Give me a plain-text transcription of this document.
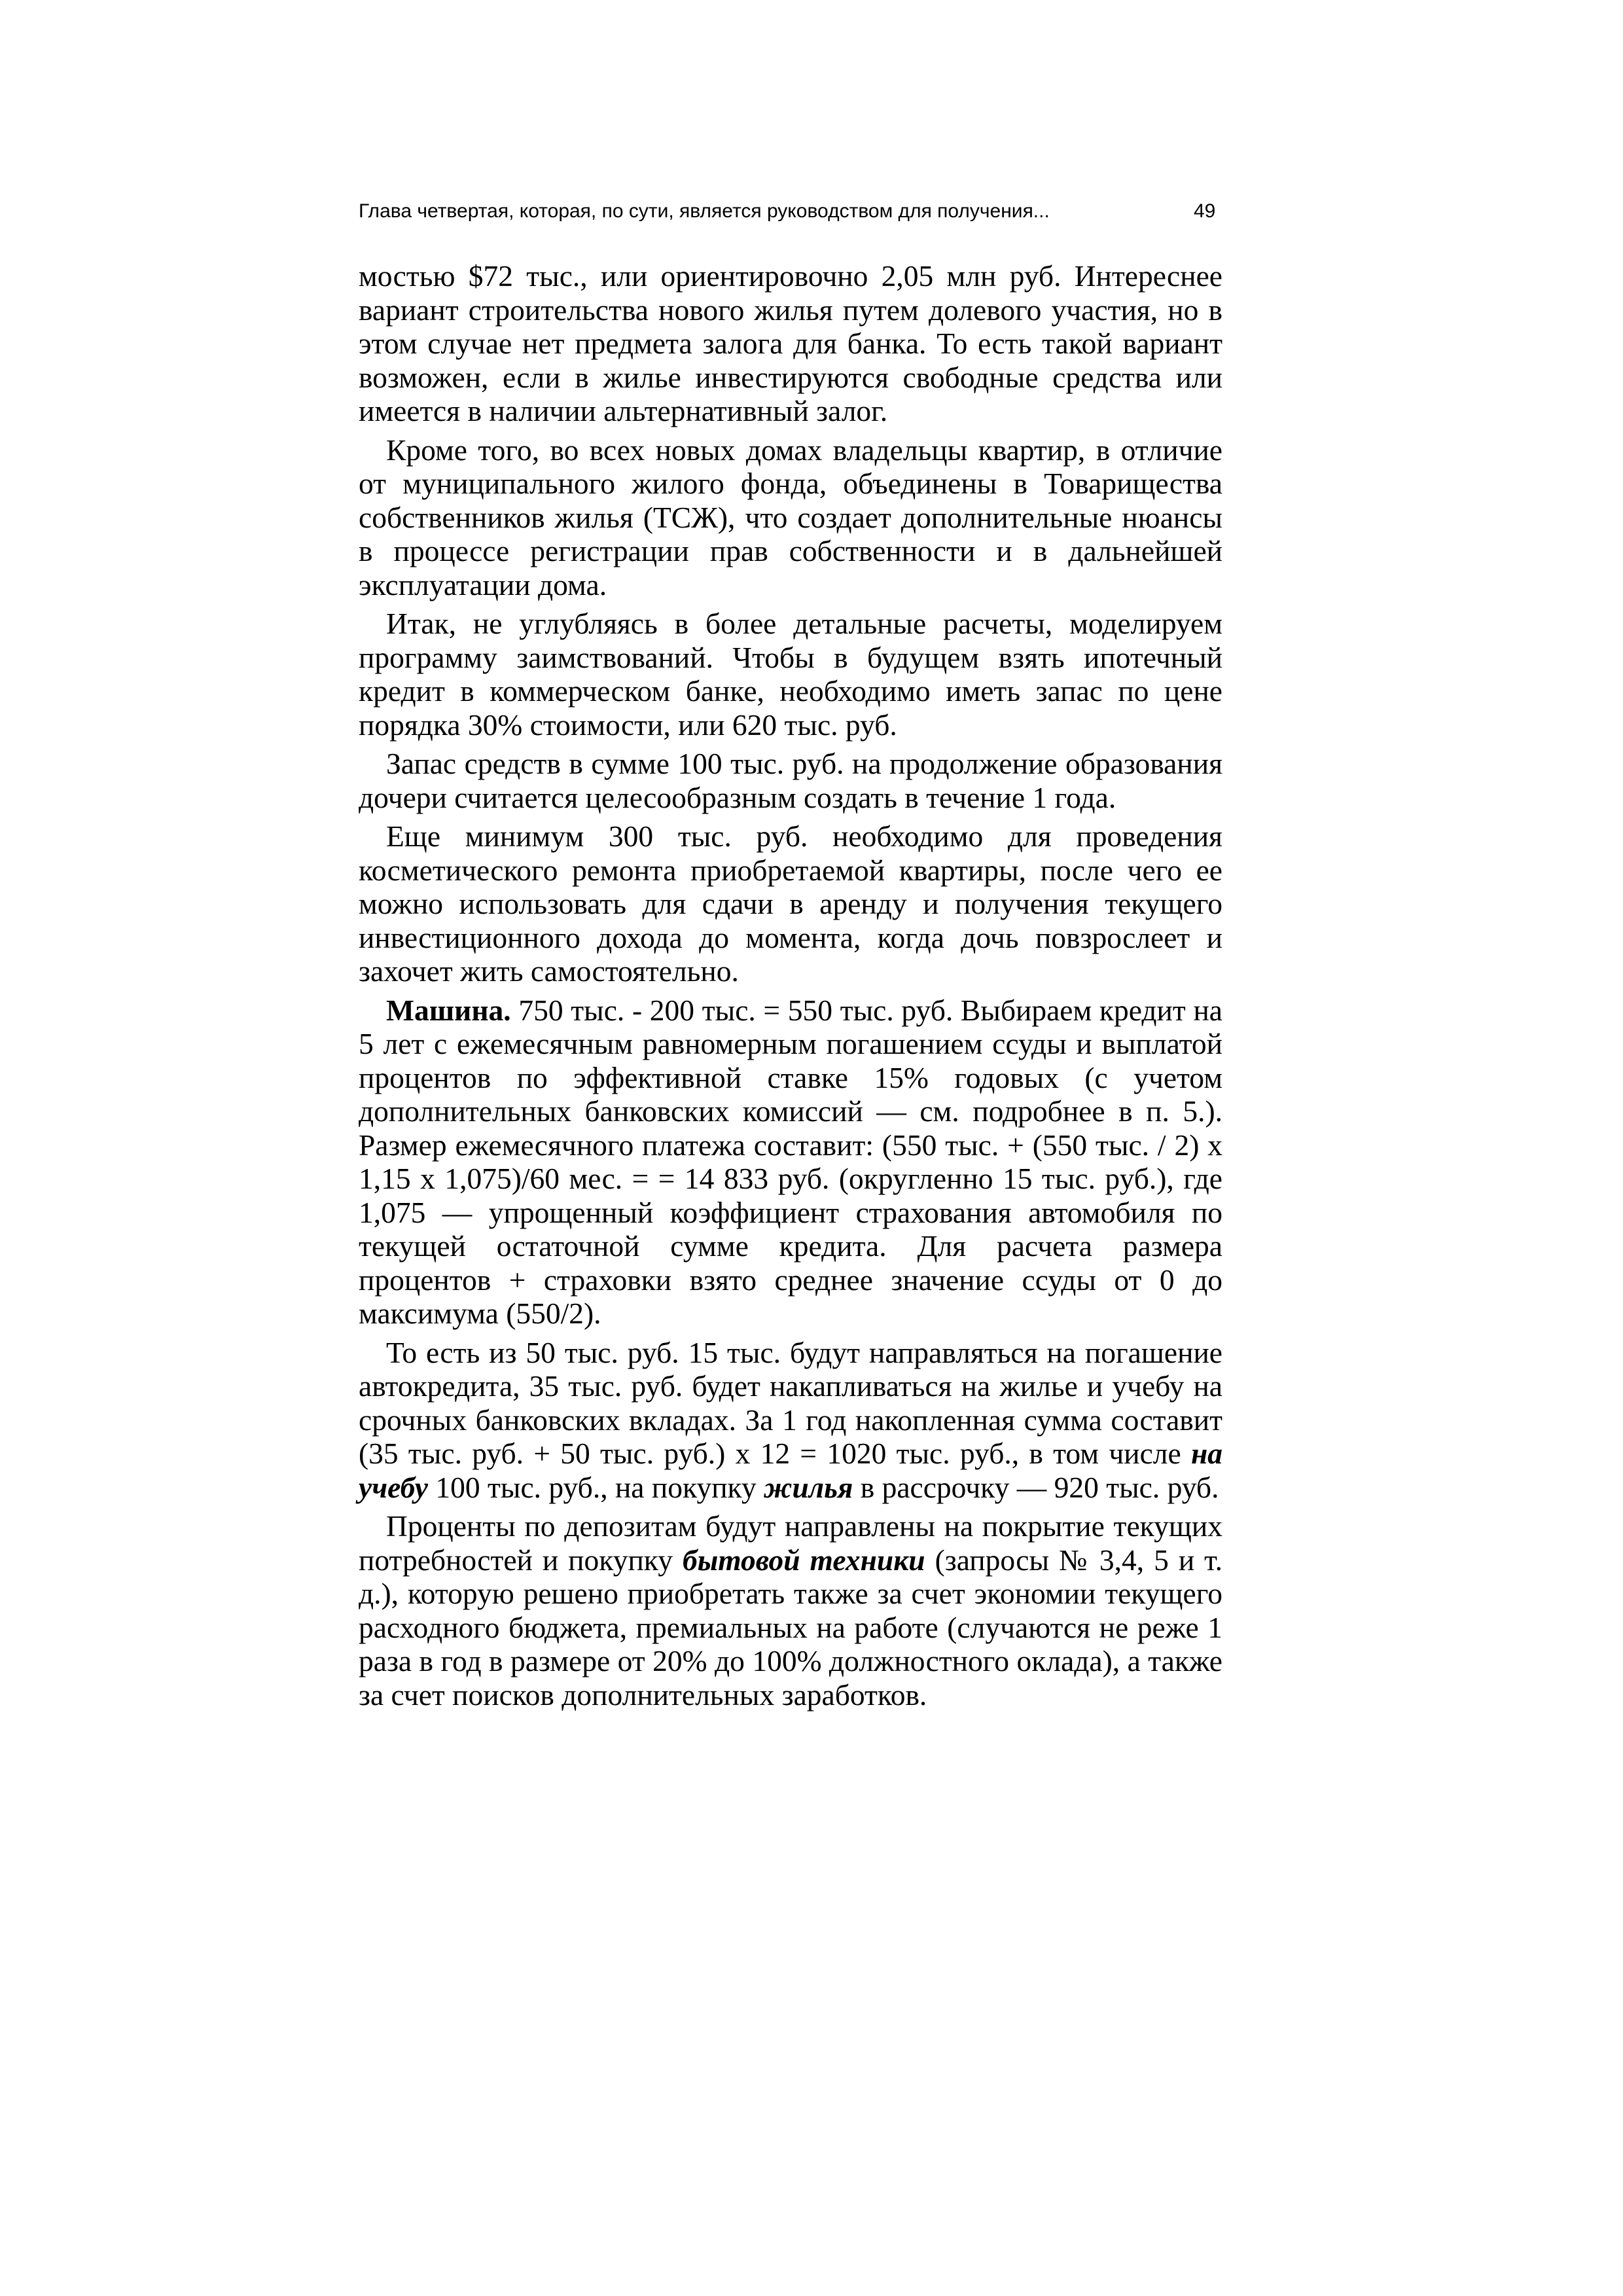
Глава четвертая, которая, по сути, является руководством для получения...	49

мостью $72 тыс., или ориентировочно 2,05 млн руб. Интереснее вариант строительства нового жилья путем долевого участия, но в этом случае нет предмета залога для банка. То есть такой вариант возможен, если в жилье инвестируются свободные средства или имеется в наличии альтернативный залог.

Кроме того, во всех новых домах владельцы квартир, в отличие от муниципального жилого фонда, объединены в Товарищества собственников жилья (ТСЖ), что создает дополнительные нюансы в процессе регистрации прав собственности и в дальнейшей эксплуатации дома.

Итак, не углубляясь в более детальные расчеты, моделируем программу заимствований. Чтобы в будущем взять ипотечный кредит в коммерческом банке, необходимо иметь запас по цене порядка 30% стоимости, или 620 тыс. руб.

Запас средств в сумме 100 тыс. руб. на продолжение образования дочери считается целесообразным создать в течение 1 года.

Еще минимум 300 тыс. руб. необходимо для проведения косметического ремонта приобретаемой квартиры, после чего ее можно использовать для сдачи в аренду и получения текущего инвестиционного дохода до момента, когда дочь повзрослеет и захочет жить самостоятельно.

Машина. 750 тыс. - 200 тыс. = 550 тыс. руб. Выбираем кредит на 5 лет с ежемесячным равномерным погашением ссуды и выплатой процентов по эффективной ставке 15% годовых (с учетом дополнительных банковских комиссий — см. подробнее в п. 5.). Размер ежемесячного платежа составит: (550 тыс. + (550 тыс. / 2) х 1,15 х 1,075)/60 мес. = = 14 833 руб. (округленно 15 тыс. руб.), где 1,075 — упрощенный коэффициент страхования автомобиля по текущей остаточной сумме кредита. Для расчета размера процентов + страховки взято среднее значение ссуды от 0 до максимума (550/2).

То есть из 50 тыс. руб. 15 тыс. будут направляться на погашение автокредита, 35 тыс. руб. будет накапливаться на жилье и учебу на срочных банковских вкладах. За 1 год накопленная сумма составит (35 тыс. руб. + 50 тыс. руб.) х 12 = 1020 тыс. руб., в том числе на учебу 100 тыс. руб., на покупку жилья в рассрочку — 920 тыс. руб.

Проценты по депозитам будут направлены на покрытие текущих потребностей и покупку бытовой техники (запросы № 3,4, 5 и т. д.), которую решено приобретать также за счет экономии текущего расходного бюджета, премиальных на работе (случаются не реже 1 раза в год в размере от 20% до 100% должностного оклада), а также за счет поисков дополнительных заработков.
